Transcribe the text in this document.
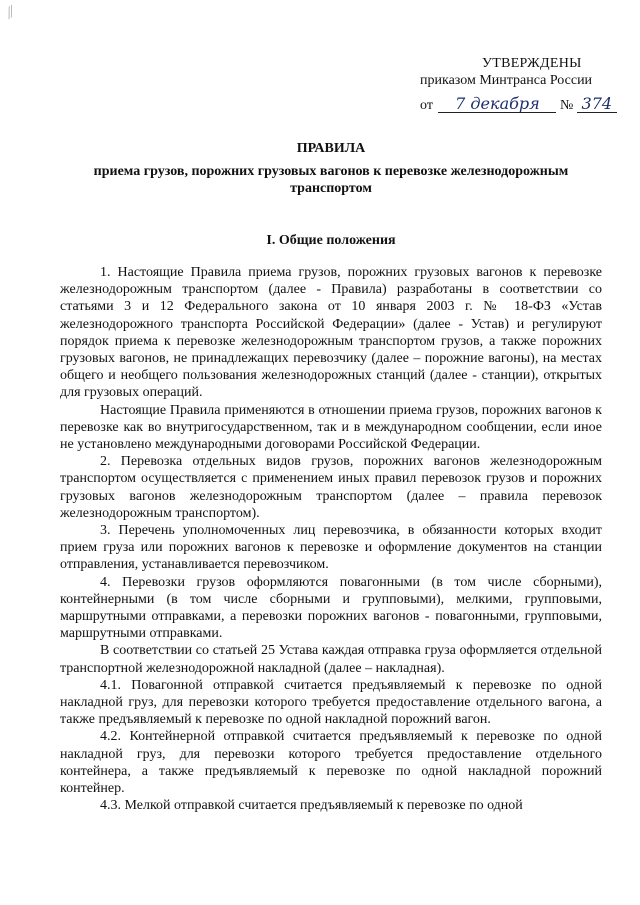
⁄⁄
УТВЕРЖДЕНЫ
приказом Минтранса России
от 7 декабря № 374
ПРАВИЛА
приема грузов, порожних грузовых вагонов к перевозке железнодорожным транспортом
I. Общие положения

1. Настоящие Правила приема грузов, порожних грузовых вагонов к перевозке железнодорожным транспортом (далее - Правила) разработаны в соответствии со статьями 3 и 12 Федерального закона от 10 января 2003 г. № 18-ФЗ «Устав железнодорожного транспорта Российской Федерации» (далее - Устав) и регулируют порядок приема к перевозке железнодорожным транспортом грузов, а также порожних грузовых вагонов, не принадлежащих перевозчику (далее – порожние вагоны), на местах общего и необщего пользования железнодорожных станций (далее - станции), открытых для грузовых операций.

Настоящие Правила применяются в отношении приема грузов, порожних вагонов к перевозке как во внутригосударственном, так и в международном сообщении, если иное не установлено международными договорами Российской Федерации.

2. Перевозка отдельных видов грузов, порожних вагонов железнодорожным транспортом осуществляется с применением иных правил перевозок грузов и порожних грузовых вагонов железнодорожным транспортом (далее – правила перевозок железнодорожным транспортом).

3. Перечень уполномоченных лиц перевозчика, в обязанности которых входит прием груза или порожних вагонов к перевозке и оформление документов на станции отправления, устанавливается перевозчиком.

4. Перевозки грузов оформляются повагонными (в том числе сборными), контейнерными (в том числе сборными и групповыми), мелкими, групповыми, маршрутными отправками, а перевозки порожних вагонов - повагонными, групповыми, маршрутными отправками.

В соответствии со статьей 25 Устава каждая отправка груза оформляется отдельной транспортной железнодорожной накладной (далее – накладная).

4.1. Повагонной отправкой считается предъявляемый к перевозке по одной накладной груз, для перевозки которого требуется предоставление отдельного вагона, а также предъявляемый к перевозке по одной накладной порожний вагон.

4.2. Контейнерной отправкой считается предъявляемый к перевозке по одной накладной груз, для перевозки которого требуется предоставление отдельного контейнера, а также предъявляемый к перевозке по одной накладной порожний контейнер.

4.3. Мелкой отправкой считается предъявляемый к перевозке по одной
